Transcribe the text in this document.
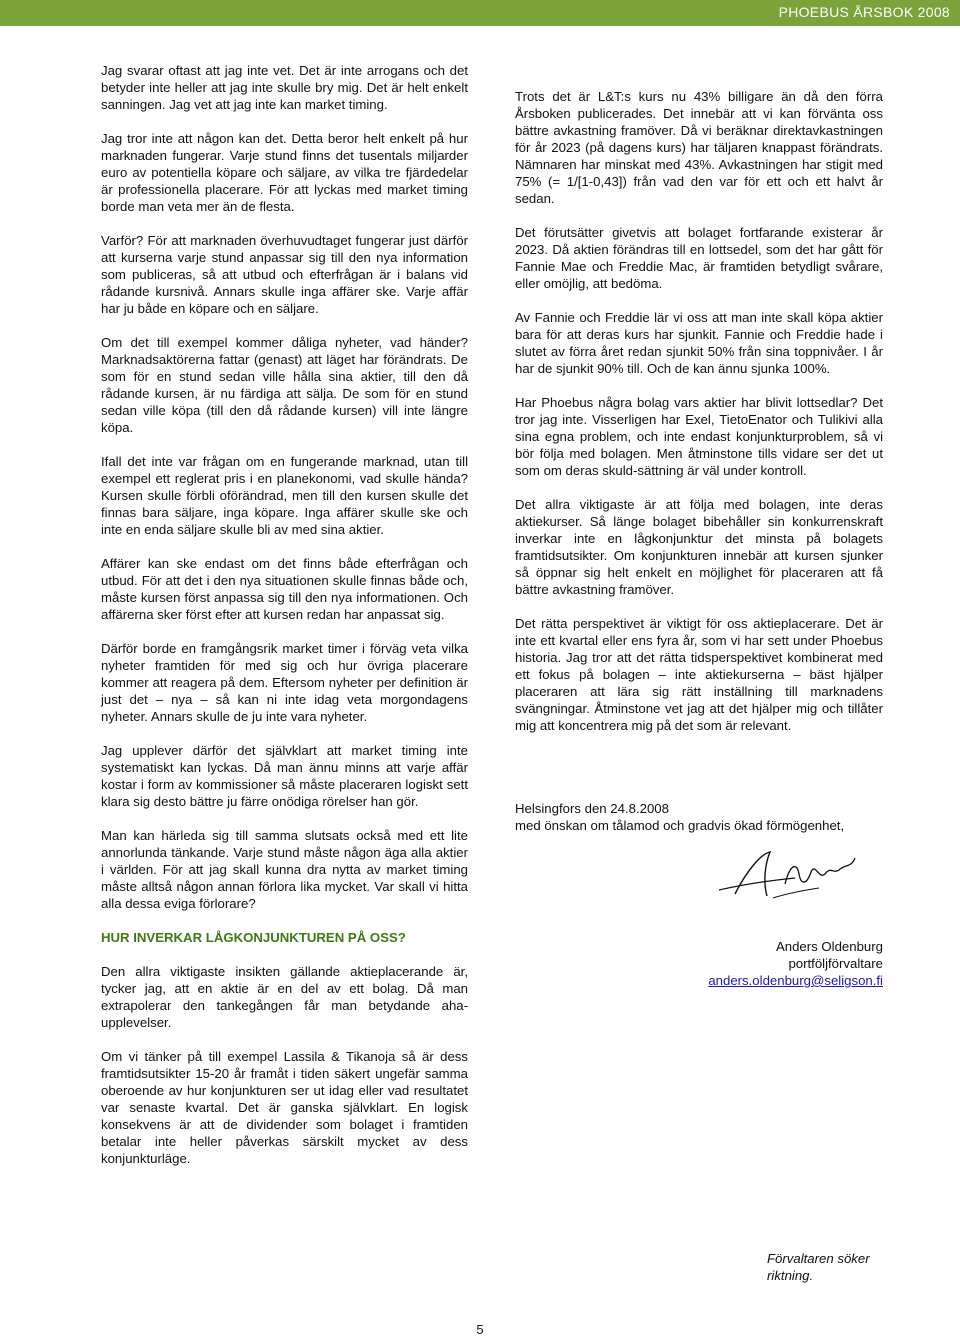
PHOEBUS ÅRSBOK 2008

Jag svarar oftast att jag inte vet. Det är inte arrogans och det betyder inte heller att jag inte skulle bry mig. Det är helt enkelt sanningen. Jag vet att jag inte kan market timing.

Jag tror inte att någon kan det. Detta beror helt enkelt på hur marknaden fungerar. Varje stund finns det tusentals miljarder euro av potentiella köpare och säljare, av vilka tre fjärdedelar är professionella placerare. För att lyckas med market timing borde man veta mer än de flesta.

Varför? För att marknaden överhuvudtaget fungerar just därför att kurserna varje stund anpassar sig till den nya information som publiceras, så att utbud och efterfrågan är i balans vid rådande kursnivå. Annars skulle inga affärer ske. Varje affär har ju både en köpare och en säljare.

Om det till exempel kommer dåliga nyheter, vad händer? Marknadsaktörerna fattar (genast) att läget har förändrats. De som för en stund sedan ville hålla sina aktier, till den då rådande kursen, är nu färdiga att sälja. De som för en stund sedan ville köpa (till den då rådande kursen) vill inte längre köpa.

Ifall det inte var frågan om en fungerande marknad, utan till exempel ett reglerat pris i en planekonomi, vad skulle hända? Kursen skulle förbli oförändrad, men till den kursen skulle det finnas bara säljare, inga köpare. Inga affärer skulle ske och inte en enda säljare skulle bli av med sina aktier.

Affärer kan ske endast om det finns både efterfrågan och utbud. För att det i den nya situationen skulle finnas både och, måste kursen först anpassa sig till den nya informationen. Och affärerna sker först efter att kursen redan har anpassat sig.

Därför borde en framgångsrik market timer i förväg veta vilka nyheter framtiden för med sig och hur övriga placerare kommer att reagera på dem. Eftersom nyheter per definition är just det – nya – så kan ni inte idag veta morgondagens nyheter. Annars skulle de ju inte vara nyheter.

Jag upplever därför det självklart att market timing inte systematiskt kan lyckas. Då man ännu minns att varje affär kostar i form av kommissioner så måste placeraren logiskt sett klara sig desto bättre ju färre onödiga rörelser han gör.

Man kan härleda sig till samma slutsats också med ett lite annorlunda tänkande. Varje stund måste någon äga alla aktier i världen. För att jag skall kunna dra nytta av market timing måste alltså någon annan förlora lika mycket. Var skall vi hitta alla dessa eviga förlorare?

HUR INVERKAR LÅGKONJUNKTUREN PÅ OSS?

Den allra viktigaste insikten gällande aktieplacerande är, tycker jag, att en aktie är en del av ett bolag. Då man extrapolerar den tankegången får man betydande aha-upplevelser.

Om vi tänker på till exempel Lassila & Tikanoja så är dess framtidsutsikter 15-20 år framåt i tiden säkert ungefär samma oberoende av hur konjunkturen ser ut idag eller vad resultatet var senaste kvartal. Det är ganska självklart. En logisk konsekvens är att de dividender som bolaget i framtiden betalar inte heller påverkas särskilt mycket av dess konjunkturläge.

Trots det är L&T:s kurs nu 43% billigare än då den förra Årsboken publicerades. Det innebär att vi kan förvänta oss bättre avkastning framöver. Då vi beräknar direktavkastningen för år 2023 (på dagens kurs) har täljaren knappast förändrats. Nämnaren har minskat med 43%. Avkastningen har stigit med 75% (= 1/[1-0,43]) från vad den var för ett och ett halvt år sedan.

Det förutsätter givetvis att bolaget fortfarande existerar år 2023. Då aktien förändras till en lottsedel, som det har gått för Fannie Mae och Freddie Mac, är framtiden betydligt svårare, eller omöjlig, att bedöma.

Av Fannie och Freddie lär vi oss att man inte skall köpa aktier bara för att deras kurs har sjunkit. Fannie och Freddie hade i slutet av förra året redan sjunkit 50% från sina toppnivåer. I år har de sjunkit 90% till. Och de kan ännu sjunka 100%.

Har Phoebus några bolag vars aktier har blivit lottsedlar? Det tror jag inte. Visserligen har Exel, TietoEnator och Tulikivi alla sina egna problem, och inte endast konjunkturproblem, så vi bör följa med bolagen. Men åtminstone tills vidare ser det ut som om deras skuld-sättning är väl under kontroll.

Det allra viktigaste är att följa med bolagen, inte deras aktiekurser. Så länge bolaget bibehåller sin konkurrenskraft inverkar inte en lågkonjunktur det minsta på bolagets framtidsutsikter. Om konjunkturen innebär att kursen sjunker så öppnar sig helt enkelt en möjlighet för placeraren att få bättre avkastning framöver.

Det rätta perspektivet är viktigt för oss aktieplacerare. Det är inte ett kvartal eller ens fyra år, som vi har sett under Phoebus historia. Jag tror att det rätta tidsperspektivet kombinerat med ett fokus på bolagen – inte aktiekurserna – bäst hjälper placeraren att lära sig rätt inställning till marknadens svängningar. Åtminstone vet jag att det hjälper mig och tillåter mig att koncentrera mig på det som är relevant.

Helsingfors den 24.8.2008

med önskan om tålamod och gradvis ökad förmögenhet,

Anders Oldenburg
portföljförvaltare
anders.oldenburg@seligson.fi
Förvaltaren söker riktning.
5
